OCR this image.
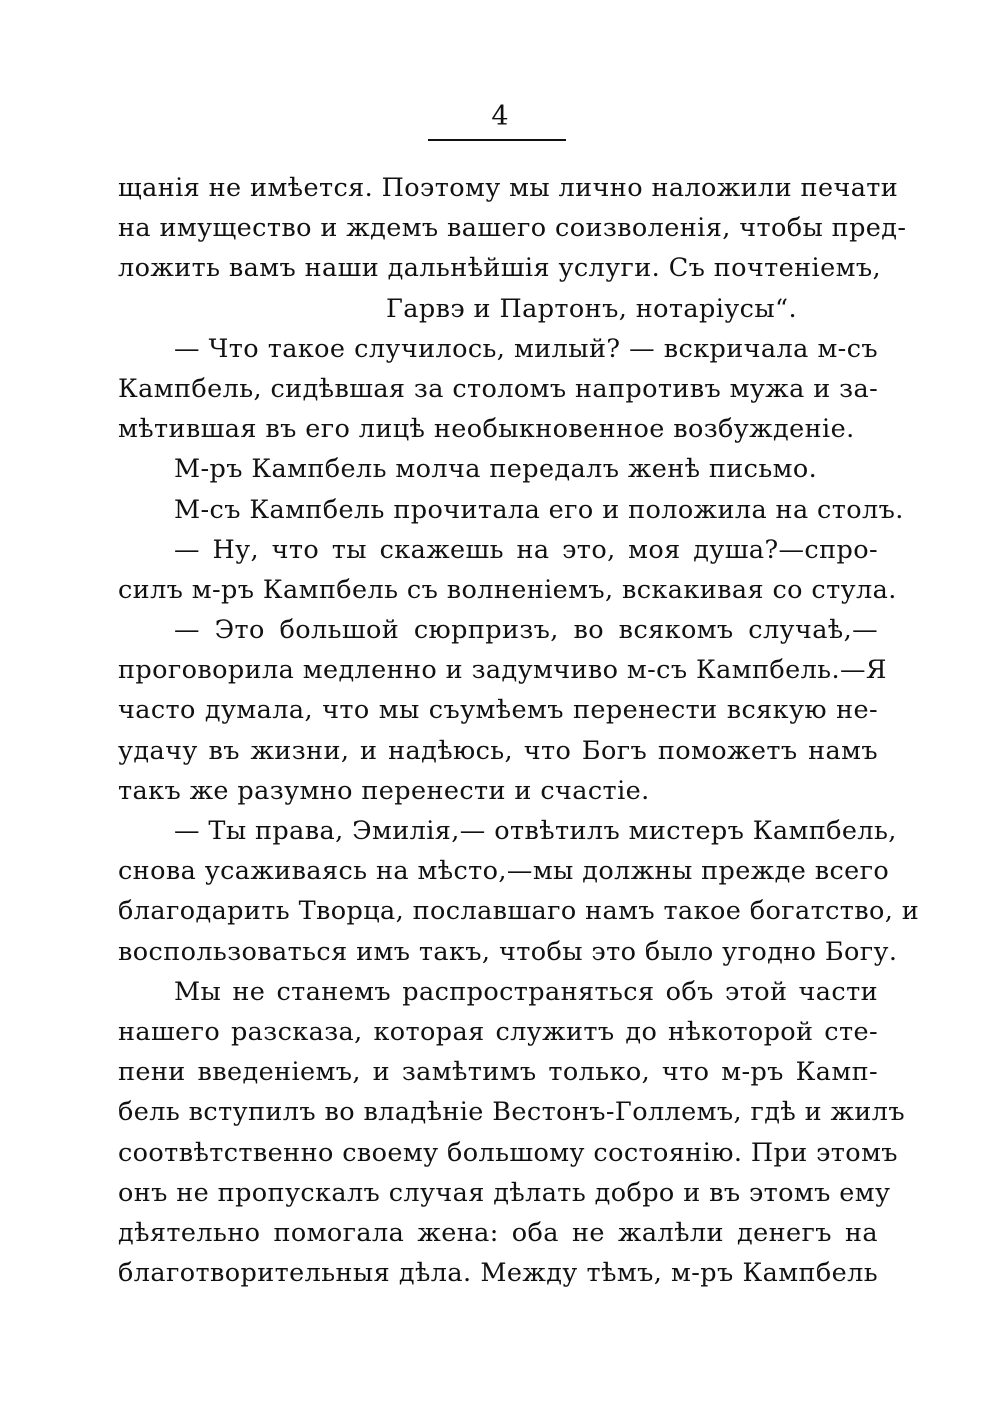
4
щанія не имѣется. Поэтому мы лично наложили печати
на имущество и ждемъ вашего соизволенія, чтобы пред-
ложить вамъ наши дальнѣйшія услуги. Съ почтеніемъ,
Гарвэ и Партонъ, нотаріусы“.
— Что такое случилось, милый? — вскричала м-съ
Кампбель, сидѣвшая за столомъ напротивъ мужа и за-
мѣтившая въ его лицѣ необыкновенное возбужденіе.
М-ръ Кампбель молча передалъ женѣ письмо.
М-съ Кампбель прочитала его и положила на столъ.
— Ну, что ты скажешь на это, моя душа?—спро-
силъ м-ръ Кампбель съ волненіемъ, вскакивая со стула.
— Это большой сюрпризъ, во всякомъ случаѣ,—
проговорила медленно и задумчиво м-съ Кампбель.—Я
часто думала, что мы съумѣемъ перенести всякую не-
удачу въ жизни, и надѣюсь, что Богъ поможетъ намъ
такъ же разумно перенести и счастіе.
— Ты права, Эмилія,— отвѣтилъ мистеръ Кампбель,
снова усаживаясь на мѣсто,—мы должны прежде всего
благодарить Творца, пославшаго намъ такое богатство, и
воспользоваться имъ такъ, чтобы это было угодно Богу.
Мы не станемъ распространяться объ этой части
нашего разсказа, которая служитъ до нѣкоторой сте-
пени введеніемъ, и замѣтимъ только, что м-ръ Камп-
бель вступилъ во владѣніе Вестонъ-Голлемъ, гдѣ и жилъ
соотвѣтственно своему большому состоянію. При этомъ
онъ не пропускалъ случая дѣлать добро и въ этомъ ему
дѣятельно помогала жена: оба не жалѣли денегъ на
благотворительныя дѣла. Между тѣмъ, м-ръ Кампбель
